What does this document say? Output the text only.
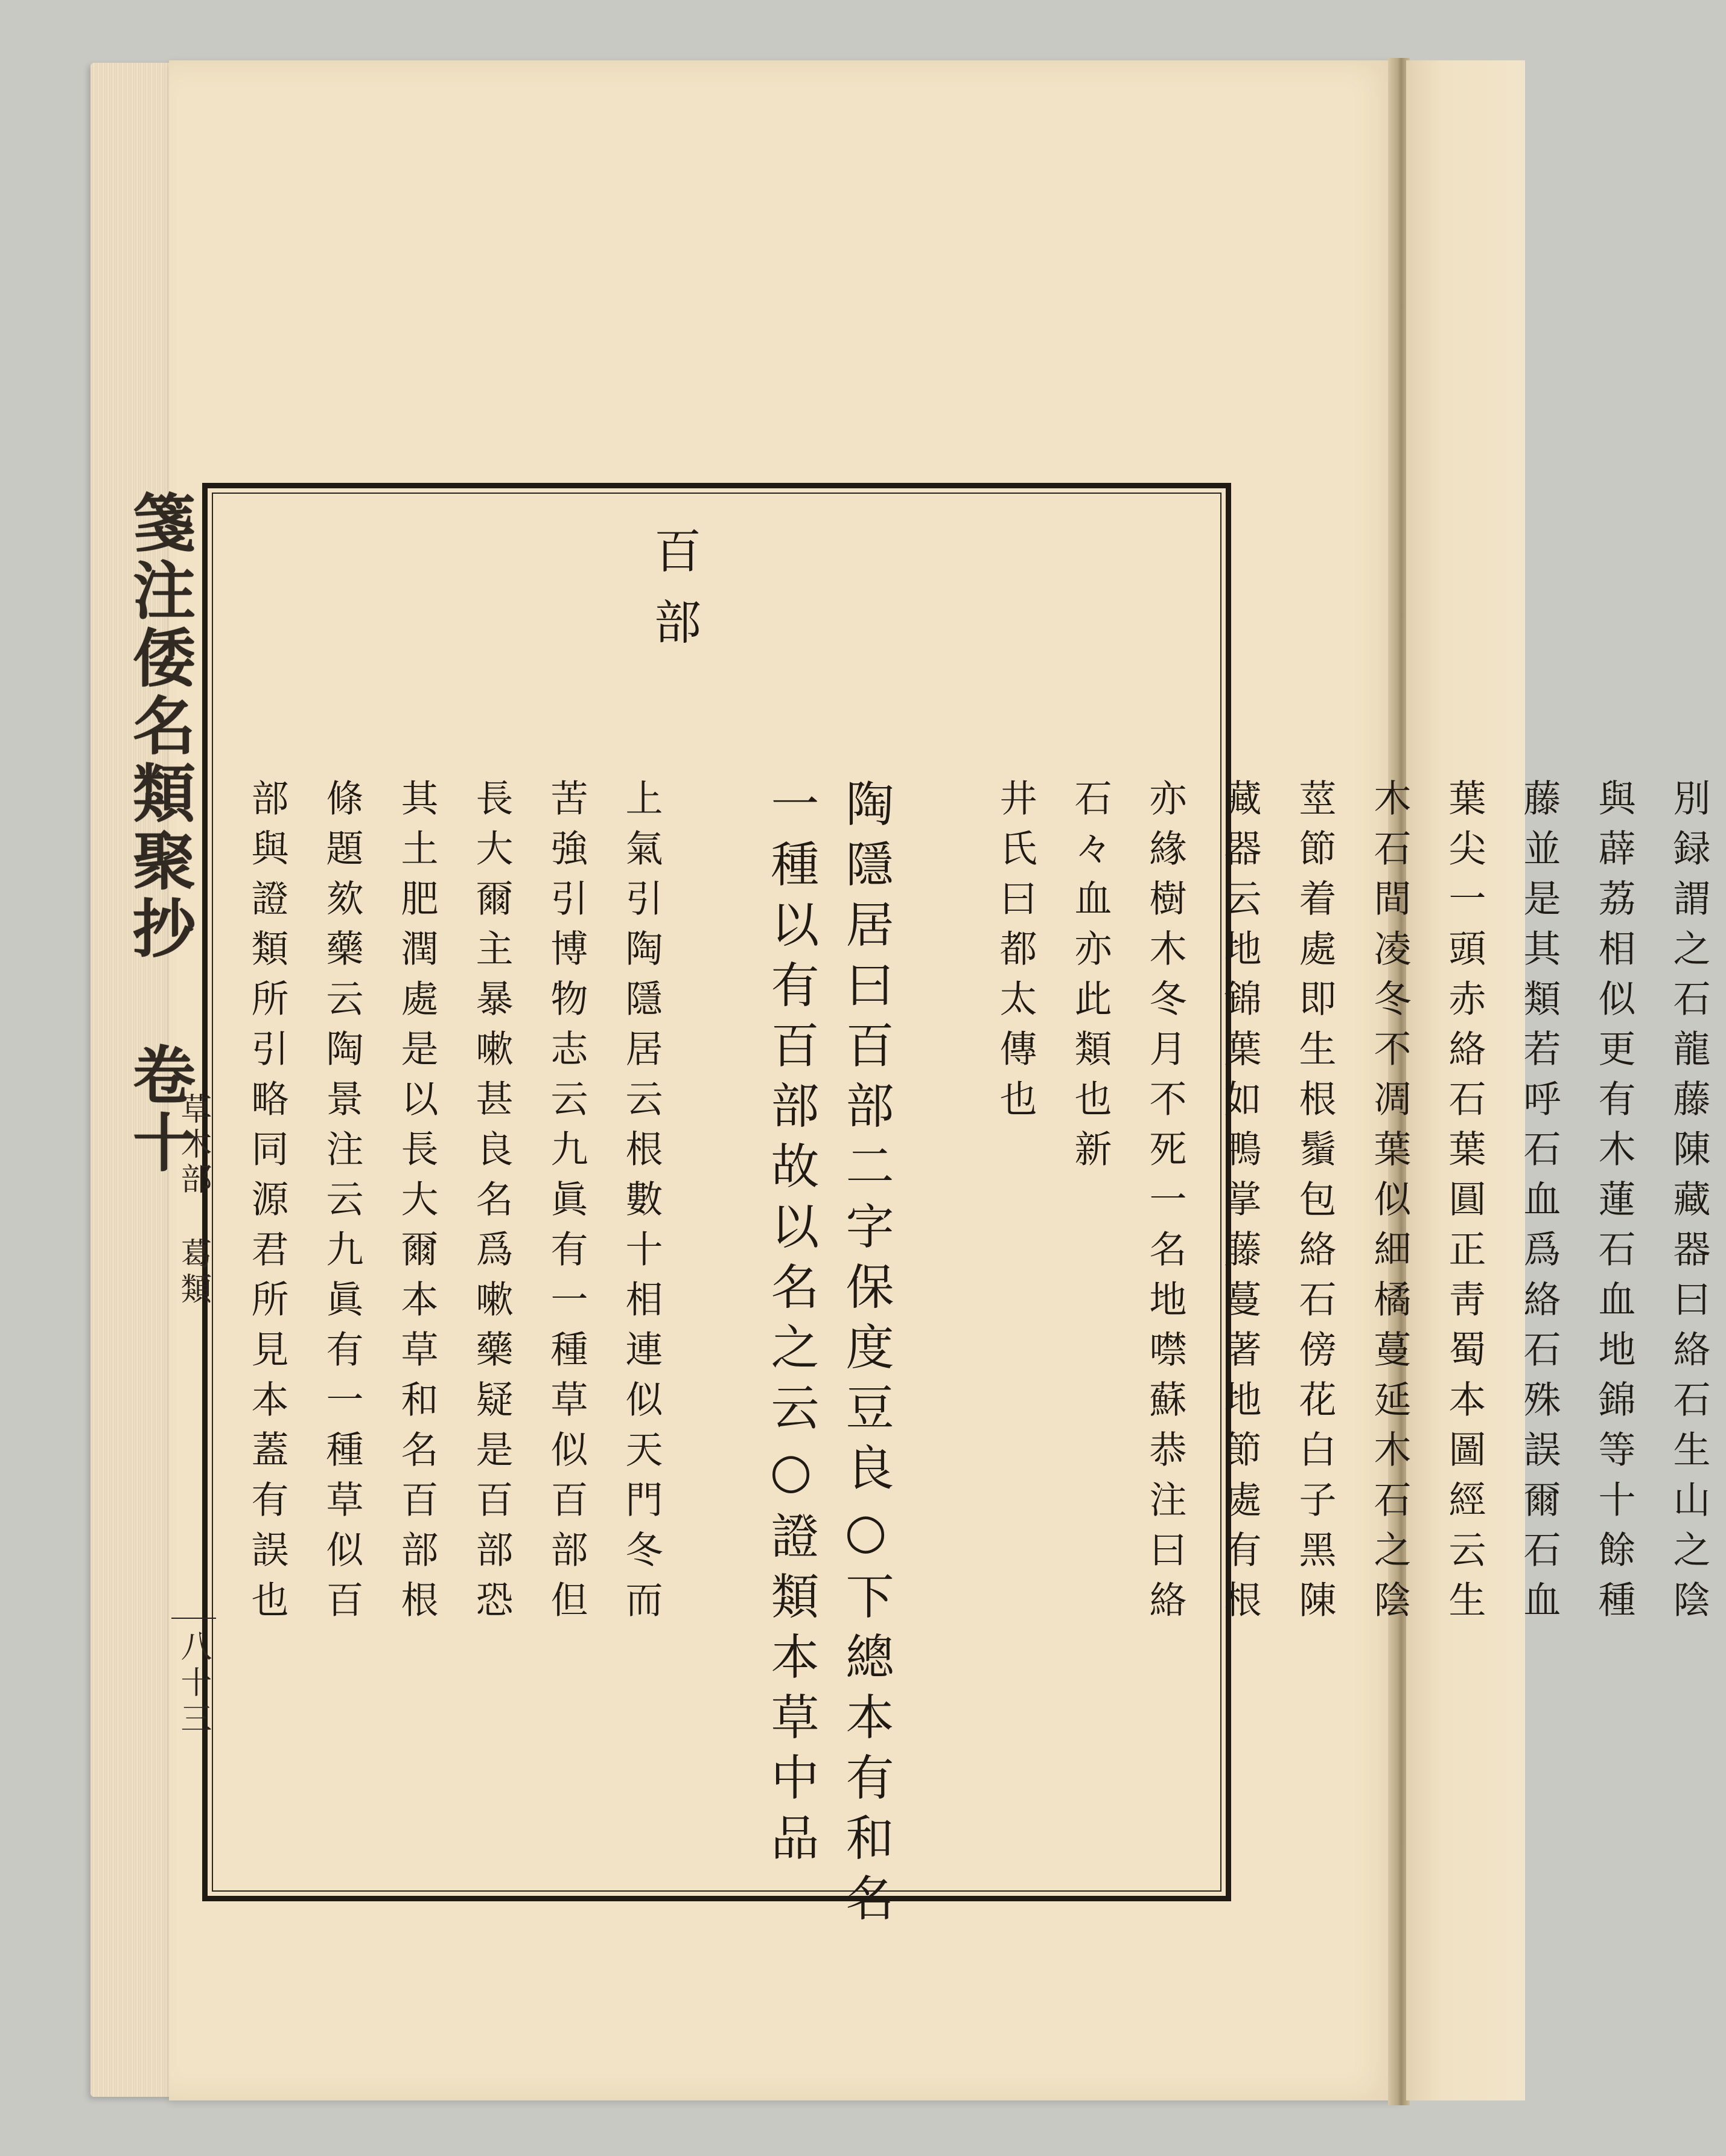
箋注倭名類聚抄 卷十
草木部 葛類
八十三
百部
別録謂之石龍藤陳藏器曰絡石生山之陰
與薜荔相似更有木蓮石血地錦等十餘種
藤並是其類若呼石血爲絡石殊誤爾石血
葉尖一頭赤絡石葉圓正靑蜀本圖經云生
木石間凌冬不凋葉似細橘蔓延木石之陰
莖節着處即生根鬚包絡石傍花白子黑陳
藏器云地錦葉如鴨掌藤蔓著地節處有根
亦緣樹木冬月不死一名地噤蘇恭注曰絡
石々血亦此類也新
井氏曰都太傳也

陶隱居曰百部二字保度豆良○下總本有和名
一種以有百部故以名之云○證類本草中品

上氣引陶隱居云根數十相連似天門冬而
苦強引博物志云九眞有一種草似百部但
長大爾主暴嗽甚良名爲嗽藥疑是百部恐
其土肥潤處是以長大爾本草和名百部根
條題欬藥云陶景注云九眞有一種草似百
部與證類所引略同源君所見本蓋有誤也
